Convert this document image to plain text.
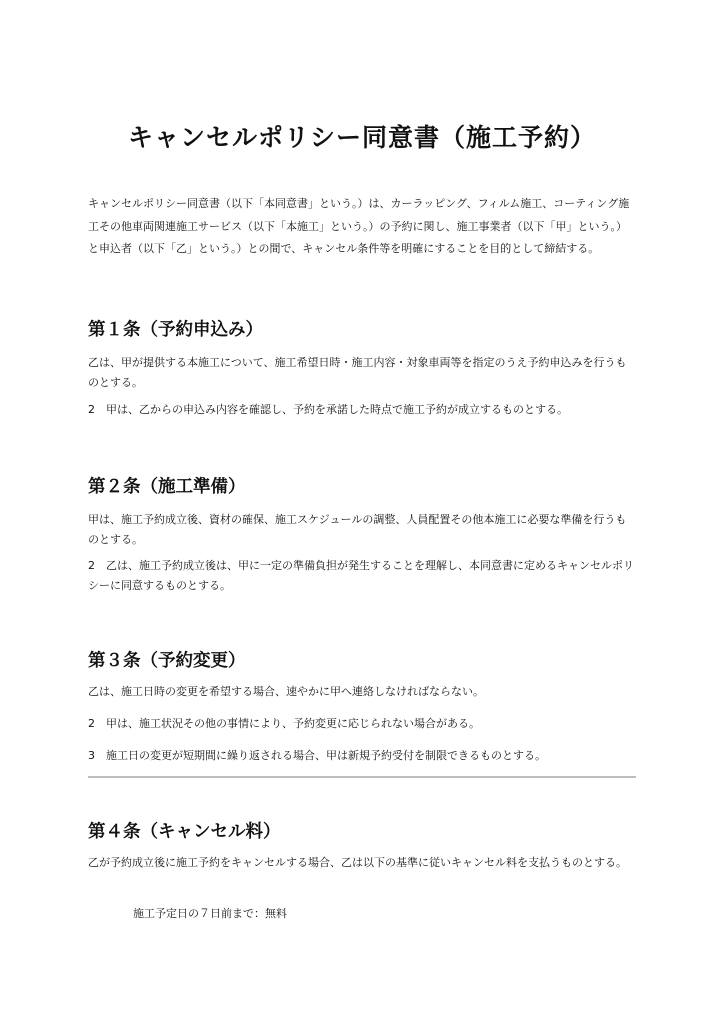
キャンセルポリシー同意書（施工予約）

キャンセルポリシー同意書（以下「本同意書」という。）は、カーラッピング、フィルム施工、コーティング施工その他車両関連施工サービス（以下「本施工」という。）の予約に関し、施工事業者（以下「甲」という。）と申込者（以下「乙」という。）との間で、キャンセル条件等を明確にすることを目的として締結する。

第１条（予約申込み）

乙は、甲が提供する本施工について、施工希望日時・施工内容・対象車両等を指定のうえ予約申込みを行うものとする。

2　甲は、乙からの申込み内容を確認し、予約を承諾した時点で施工予約が成立するものとする。

第２条（施工準備）

甲は、施工予約成立後、資材の確保、施工スケジュールの調整、人員配置その他本施工に必要な準備を行うものとする。

2　乙は、施工予約成立後は、甲に一定の準備負担が発生することを理解し、本同意書に定めるキャンセルポリシーに同意するものとする。

第３条（予約変更）

乙は、施工日時の変更を希望する場合、速やかに甲へ連絡しなければならない。

2　甲は、施工状況その他の事情により、予約変更に応じられない場合がある。

3　施工日の変更が短期間に繰り返される場合、甲は新規予約受付を制限できるものとする。

第４条（キャンセル料）

乙が予約成立後に施工予約をキャンセルする場合、乙は以下の基準に従いキャンセル料を支払うものとする。

施工予定日の７日前まで：無料
